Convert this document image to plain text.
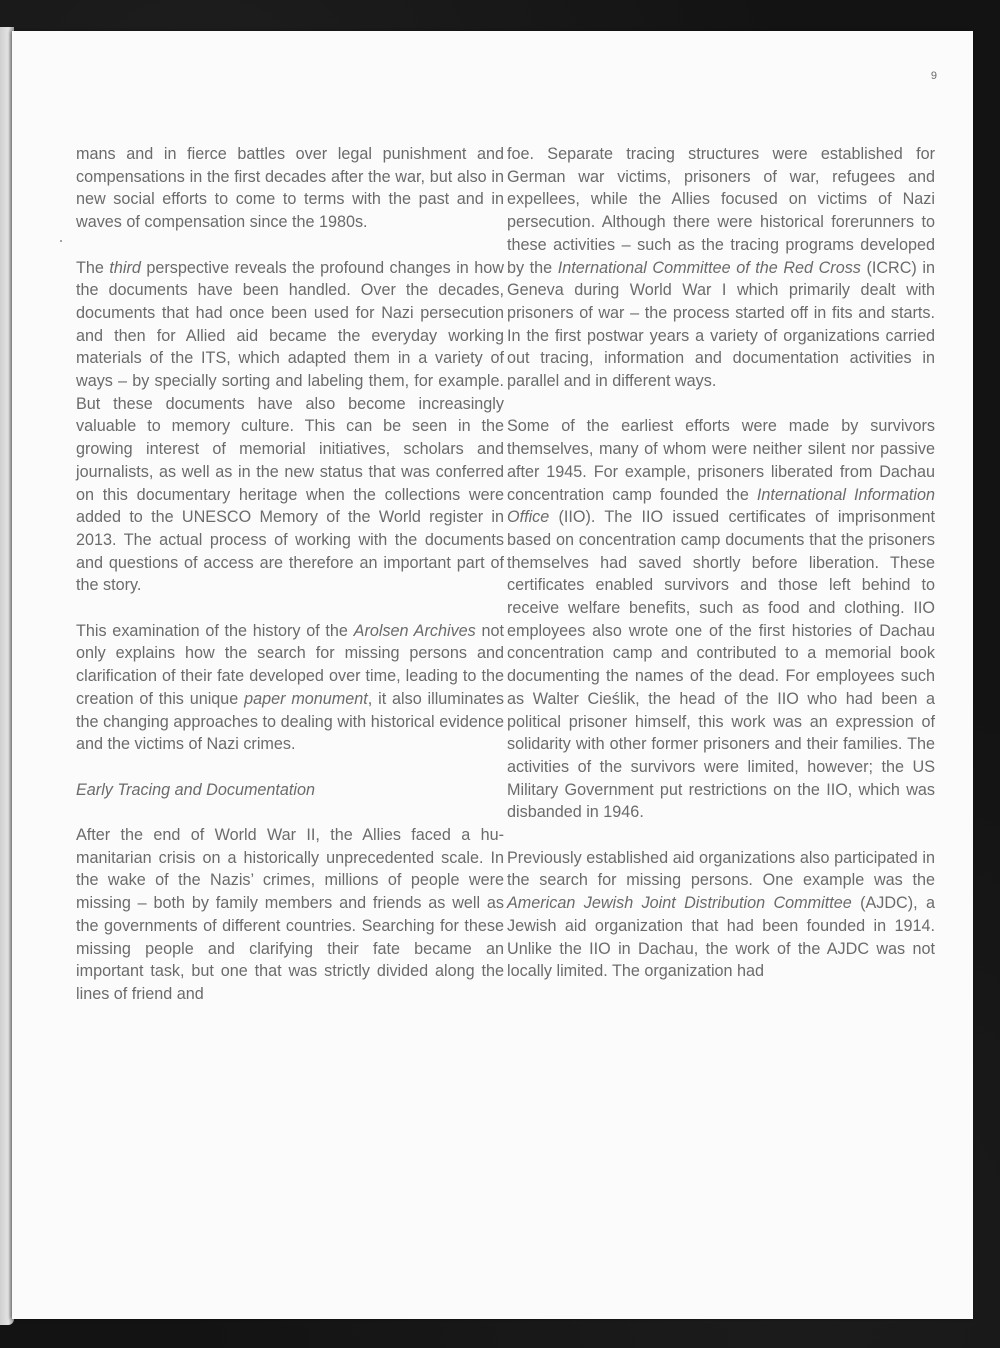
9

mans and in fierce battles over legal punishment and compensations in the first decades after the war, but also in new social efforts to come to terms with the past and in waves of compensation since the 1980s.

The third perspective reveals the profound changes in how the documents have been handled. Over the decades, documents that had once been used for Nazi persecution and then for Allied aid became the everyday working materials of the ITS, which adapted them in a variety of ways – by specially sorting and labeling them, for example. But these documents have also become increasingly valuable to memory culture. This can be seen in the growing interest of memorial initiatives, scholars and journalists, as well as in the new status that was conferred on this documentary heritage when the collections were added to the UNESCO Memory of the World register in 2013. The actual process of working with the documents and questions of access are therefore an important part of the story.

This examination of the history of the Arolsen Archives not only explains how the search for missing persons and clarification of their fate developed over time, leading to the creation of this unique paper monument, it also illuminates the changing approaches to dealing with historical evidence and the victims of Nazi crimes.

Early Tracing and Documentation

After the end of World War II, the Allies faced a humanitarian crisis on a historically unprecedented scale. In the wake of the Nazis’ crimes, millions of people were missing – both by family members and friends as well as the governments of different countries. Searching for these missing people and clarifying their fate became an important task, but one that was strictly divided along the lines of friend and

foe. Separate tracing structures were established for German war victims, prisoners of war, refugees and expellees, while the Allies focused on victims of Nazi persecution. Although there were historical forerunners to these activities – such as the tracing programs developed by the International Committee of the Red Cross (ICRC) in Geneva during World War I which primarily dealt with prisoners of war – the process started off in fits and starts. In the first postwar years a variety of organizations carried out tracing, information and documentation activities in parallel and in different ways.

Some of the earliest efforts were made by survivors themselves, many of whom were neither silent nor passive after 1945. For example, prisoners liberated from Dachau concentration camp founded the International Information Office (IIO). The IIO issued certificates of imprisonment based on concentration camp documents that the prisoners themselves had saved shortly before liberation. These certificates enabled survivors and those left behind to receive welfare benefits, such as food and clothing. IIO employees also wrote one of the first histories of Dachau concentration camp and contributed to a memorial book documenting the names of the dead. For employees such as Walter Cieślik, the head of the IIO who had been a political prisoner himself, this work was an expression of solidarity with other former prisoners and their families. The activities of the survivors were limited, however; the US Military Government put restrictions on the IIO, which was disbanded in 1946.

Previously established aid organizations also participated in the search for missing persons. One example was the American Jewish Joint Distribution Committee (AJDC), a Jewish aid organization that had been founded in 1914. Unlike the IIO in Dachau, the work of the AJDC was not locally limited. The organization had
